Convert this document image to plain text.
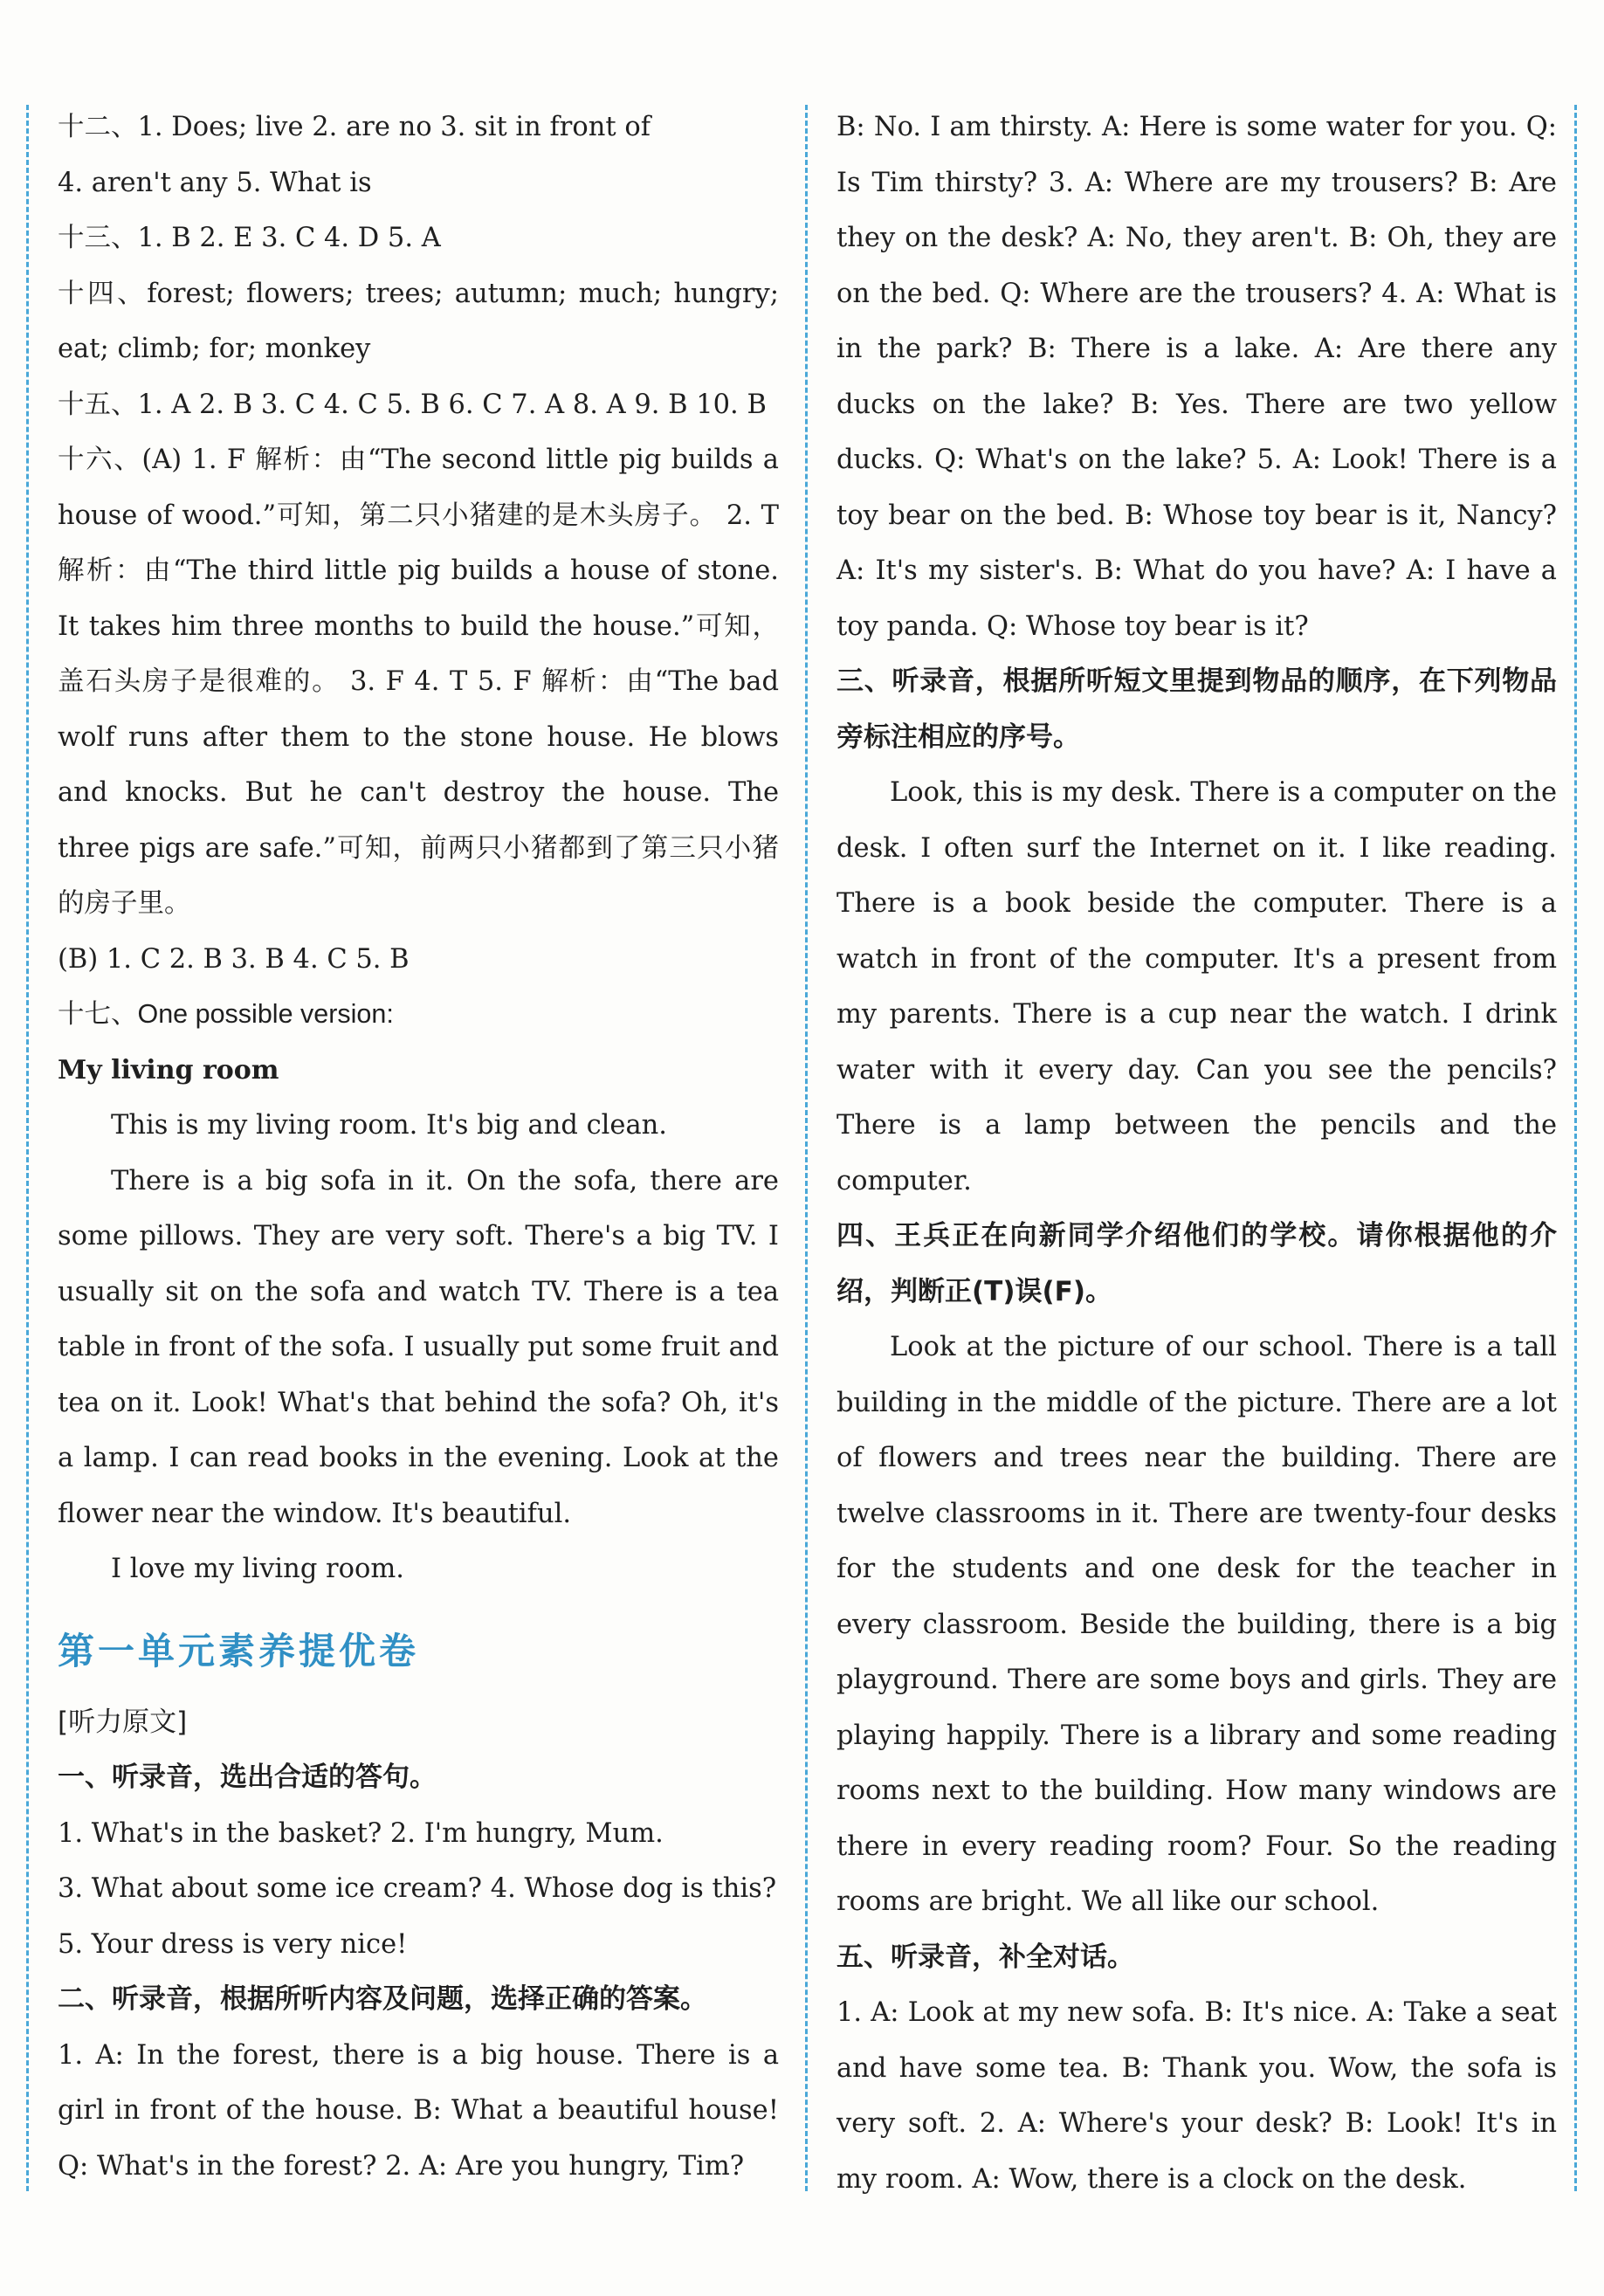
十二、1. Does; live 2. are no 3. sit in front of

4. aren't any 5. What is

十三、1. B 2. E 3. C 4. D 5. A

十四、forest; flowers; trees; autumn; much; hungry; eat; climb; for; monkey

十五、1. A 2. B 3. C 4. C 5. B 6. C 7. A 8. A 9. B 10. B

十六、(A) 1. F 解析：由“The second little pig builds a house of wood.”可知，第二只小猪建的是木头房子。 2. T 解析：由“The third little pig builds a house of stone. It takes him three months to build the house.”可知，盖石头房子是很难的。 3. F 4. T 5. F 解析：由“The bad wolf runs after them to the stone house. He blows and knocks. But he can't destroy the house. The three pigs are safe.”可知，前两只小猪都到了第三只小猪的房子里。

(B) 1. C 2. B 3. B 4. C 5. B

十七、One possible version:

My living room

This is my living room. It's big and clean.

There is a big sofa in it. On the sofa, there are some pillows. They are very soft. There's a big TV. I usually sit on the sofa and watch TV. There is a tea table in front of the sofa. I usually put some fruit and tea on it. Look! What's that behind the sofa? Oh, it's a lamp. I can read books in the evening. Look at the flower near the window. It's beautiful.

I love my living room.

第一单元素养提优卷

[听力原文]

一、听录音，选出合适的答句。

1. What's in the basket? 2. I'm hungry, Mum.

3. What about some ice cream? 4. Whose dog is this?

5. Your dress is very nice!

二、听录音，根据所听内容及问题，选择正确的答案。

1. A: In the forest, there is a big house. There is a girl in front of the house. B: What a beautiful house! Q: What's in the forest? 2. A: Are you hungry, Tim?

B: No. I am thirsty. A: Here is some water for you. Q: Is Tim thirsty? 3. A: Where are my trousers? B: Are they on the desk? A: No, they aren't. B: Oh, they are on the bed. Q: Where are the trousers? 4. A: What is in the park? B: There is a lake. A: Are there any ducks on the lake? B: Yes. There are two yellow ducks. Q: What's on the lake? 5. A: Look! There is a toy bear on the bed. B: Whose toy bear is it, Nancy? A: It's my sister's. B: What do you have? A: I have a toy panda. Q: Whose toy bear is it?

三、听录音，根据所听短文里提到物品的顺序，在下列物品旁标注相应的序号。

Look, this is my desk. There is a computer on the desk. I often surf the Internet on it. I like reading. There is a book beside the computer. There is a watch in front of the computer. It's a present from my parents. There is a cup near the watch. I drink water with it every day. Can you see the pencils? There is a lamp between the pencils and the computer.

四、王兵正在向新同学介绍他们的学校。请你根据他的介绍，判断正(T)误(F)。

Look at the picture of our school. There is a tall building in the middle of the picture. There are a lot of flowers and trees near the building. There are twelve classrooms in it. There are twenty-four desks for the students and one desk for the teacher in every classroom. Beside the building, there is a big playground. There are some boys and girls. They are playing happily. There is a library and some reading rooms next to the building. How many windows are there in every reading room? Four. So the reading rooms are bright. We all like our school.

五、听录音，补全对话。

1. A: Look at my new sofa. B: It's nice. A: Take a seat and have some tea. B: Thank you. Wow, the sofa is very soft. 2. A: Where's your desk? B: Look! It's in my room. A: Wow, there is a clock on the desk.
